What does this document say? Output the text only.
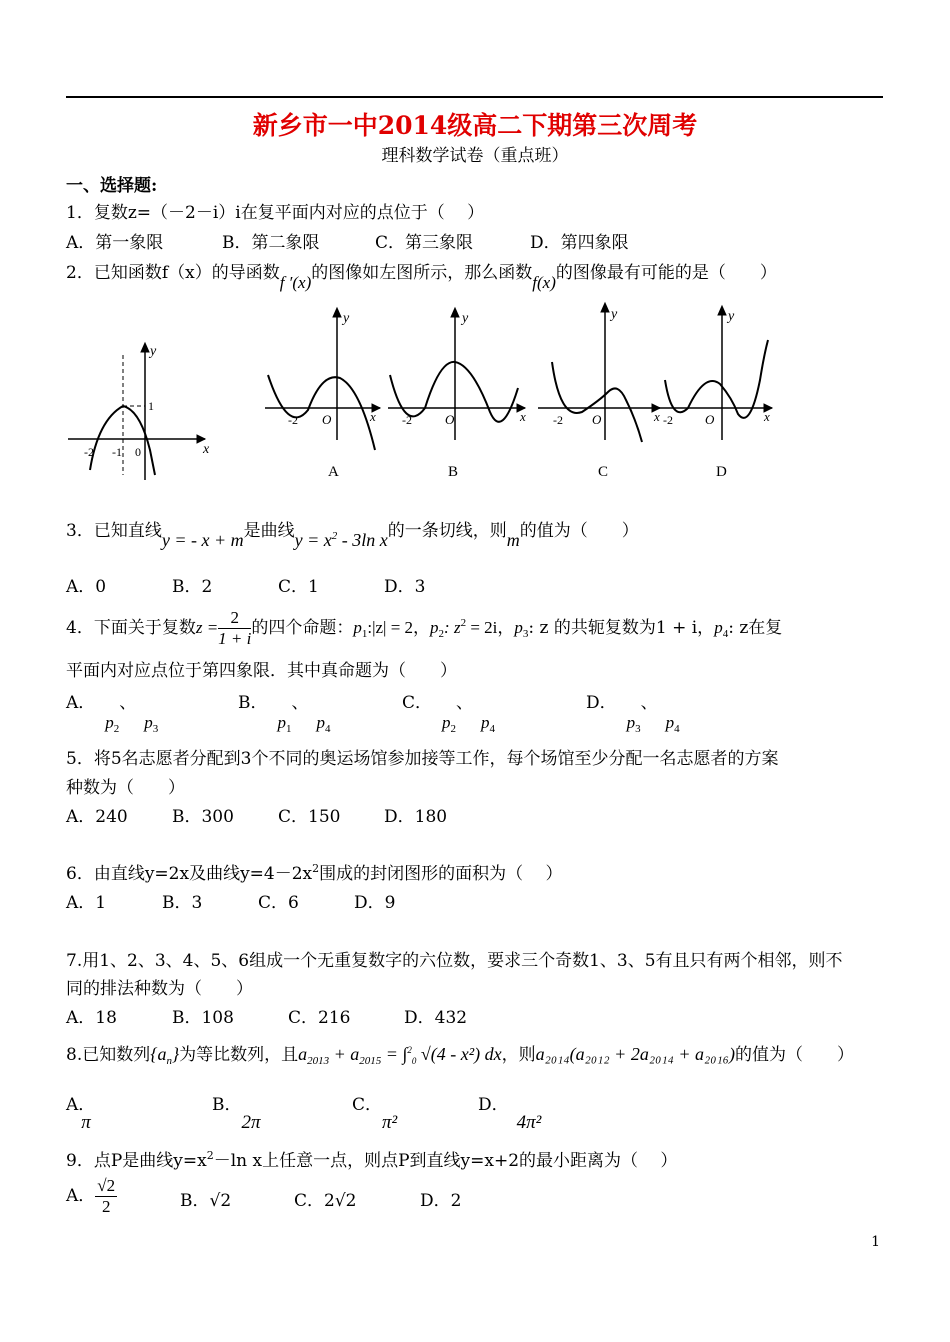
新乡市一中2014级高二下期第三次周考
理科数学试卷（重点班）
一、选择题:
1．复数z=（－2－i）i在复平面内对应的点位于（　 ）
A．第一象限	B．第二象限	C．第三象限	D．第四象限
2．已知函数f（x）的导函数f ′(x)的图像如左图所示，那么函数f(x)的图像最有可能的是（　　）
y
x
-2 -1 0
1
y
x
-2 O
A
y
x
-2	O
B
y
x
-2 O
C
y
x
-2 O
D
3．已知直线y = - x + m是曲线$y = x^2 - 3\ln$ x的一条切线，则m的值为（　　）
A．0	B．2	C．1	D．3
4．下面关于复数$z = \frac{2}{1 + i}$ 的四个命题：$p_1:|z| = 2$，$p_2$: $z^2 = 2i$，$p_3$: z 的共轭复数为1 + i，$p_4$: z在复
平面内对应点位于第四象限．其中真命题为（　　）
A．$p_2$、$p_3$
B．$p_1$、$p_4$
C．$p_2$、$p_4$
D．$p_3$、$p_4$
5．将5名志愿者分配到3个不同的奥运场馆参加接等工作，每个场馆至少分配一名志愿者的方案
种数为（　　）
A．240	B．300	C．150	D．180
6．由直线y=2x及曲线$y=4-2x^2$围成的封闭图形的面积为（　 ）
A．1	B．3	C．6	D．9
7.用1、2、3、4、5、6组成一个无重复数字的六位数，要求三个奇数1、3、5有且只有两个相邻，则不
同的排法种数为（　　）
A．18	B．108	C．216	D．432
8.已知数列$\{a_n\}$为等比数列，且$a_{2013} + a_{2015} = \int^2_0$ √(4 - x²) dx，则a₂₀₁₄(a₂₀₁₂ + 2a₂₀₁₄ + a₂₀₁₆)的值为（　　）
A．π
B．2π
C．π²
D．4π²
9．点P是曲线$y=x^2-\ln$ x上任意一点，则点P到直线y=x+2的最小距离为（　 ）
A． $\frac{√2}{2}$	B．√2	C．2√2	D．2
1
